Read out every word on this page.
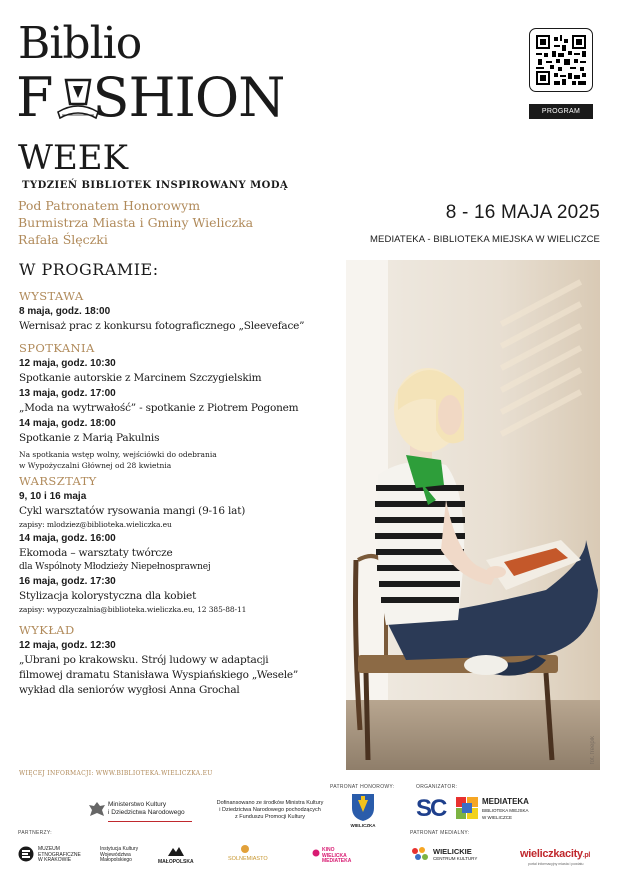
Biblio
F SHION
WEEK
TYDZIEŃ BIBLIOTEK INSPIROWANY MODĄ
Pod Patronatem Honorowym
Burmistrza Miasta i Gminy Wieliczka
Rafała Ślęczki
PROGRAM
8 - 16 MAJA 2025
MEDIATEKA - BIBLIOTEKA MIEJSKA W WIELICZCE
fot. freepik
W PROGRAMIE:
WYSTAWA
8 maja, godz. 18:00
Wernisaż prac z konkursu fotograficznego „Sleeveface”
SPOTKANIA
12 maja, godz. 10:30
Spotkanie autorskie z Marcinem Szczygielskim
13 maja, godz. 17:00
„Moda na wytrwałość” - spotkanie z Piotrem Pogonem
14 maja, godz. 18:00
Spotkanie z Marią Pakulnis
Na spotkania wstęp wolny, wejściówki do odebrania
w Wypożyczalni Głównej od 28 kwietnia
WARSZTATY
9, 10 i 16 maja
Cykl warsztatów rysowania mangi (9-16 lat)
zapisy: mlodziez@biblioteka.wieliczka.eu
14 maja, godz. 16:00
Ekomoda – warsztaty twórcze
dla Wspólnoty Młodzieży Niepełnosprawnej
16 maja, godz. 17:30
Stylizacja kolorystyczna dla kobiet
zapisy: wypozyczalnia@biblioteka.wieliczka.eu, 12 385-88-11
WYKŁAD
12 maja, godz. 12:30
„Ubrani po krakowsku. Strój ludowy w adaptacji
filmowej dramatu Stanisława Wyspiańskiego „Wesele”
wykład dla seniorów wygłosi Anna Grochal
WIĘCEJ INFORMACJI: WWW.BIBLIOTEKA.WIELICZKA.EU
PATRONAT HONOROWY:	ORGANIZATOR:
PARTNERZY:	PATRONAT MEDIALNY:
Ministerstwo Kultury
i Dziedzictwa Narodowego
Dofinansowano ze środków Ministra Kultury
i Dziedzictwa Narodowego pochodzących
z Funduszu Promocji Kultury
WIELICZKA
SC	MEDIATEKA
BIBLIOTEKA MIEJSKA
W WIELICZCE
MUZEUM
ETNOGRAFICZNE
W KRAKOWIE
Instytucja Kultury
Województwa
Małopolskiego	MAŁOPOLSKA	SOLNEMIASTO
KINO
WIELICKA
MEDIATEKA
WIELICKIE
CENTRUM KULTURY	wieliczkacity.pl
portal informacyjny miasta i powiatu
